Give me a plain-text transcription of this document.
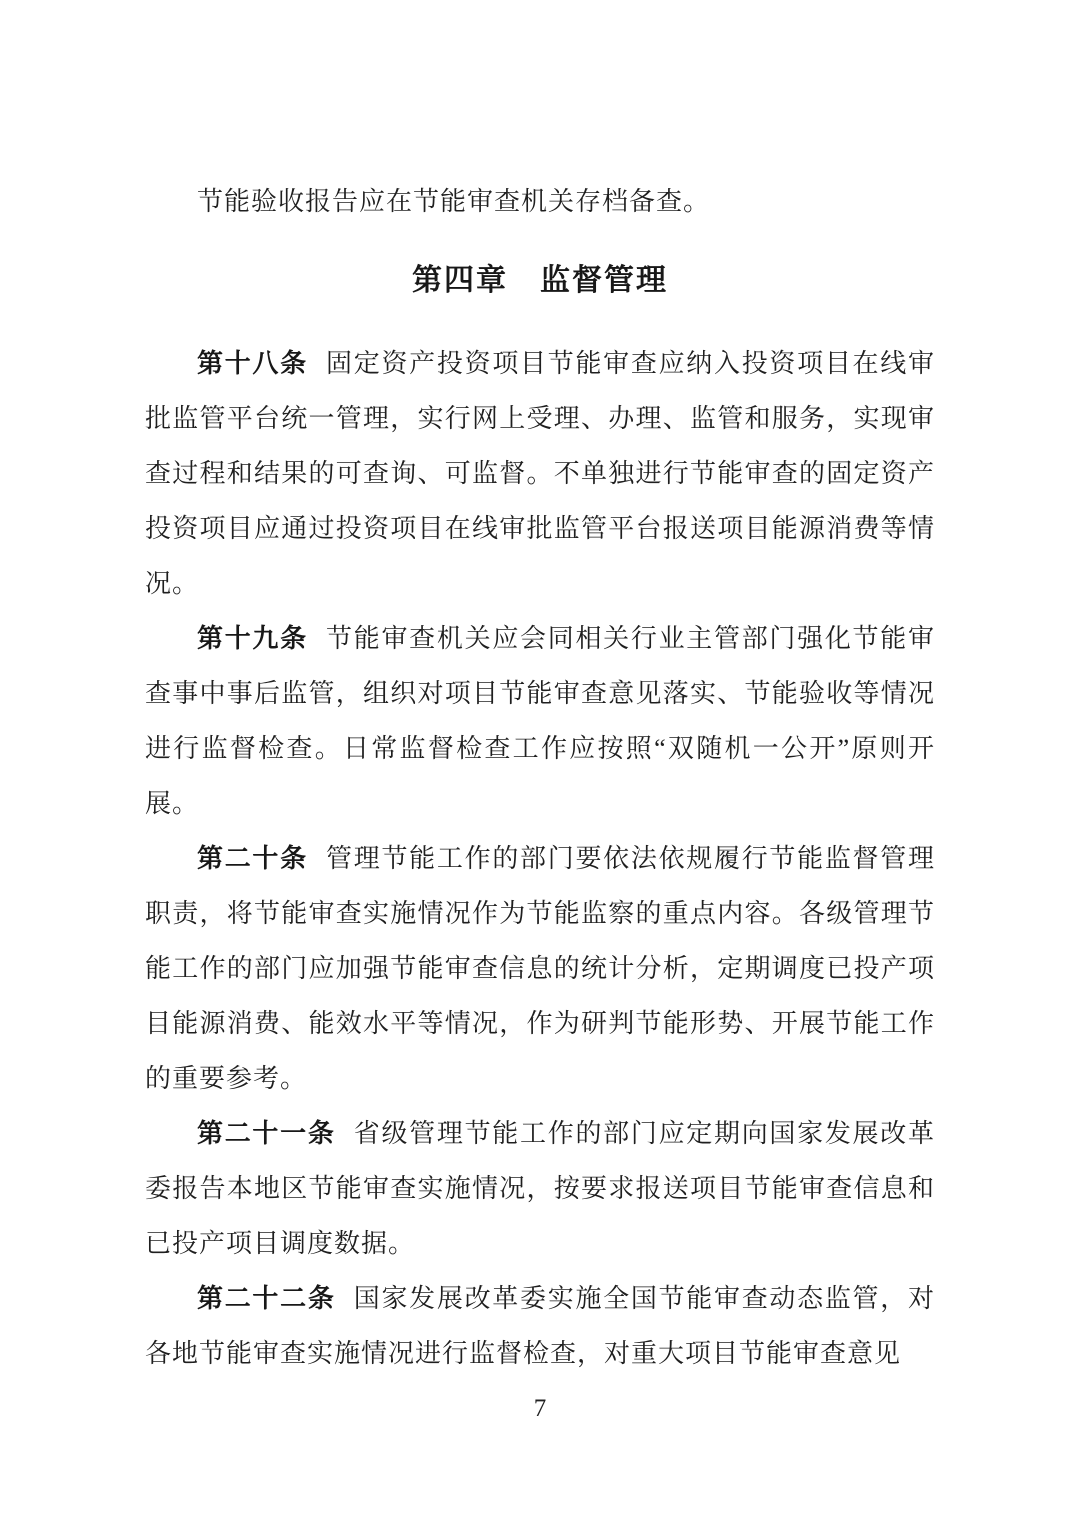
节能验收报告应在节能审查机关存档备查。

第四章　监督管理

第十八条 固定资产投资项目节能审查应纳入投资项目在线审批监管平台统一管理，实行网上受理、办理、监管和服务，实现审查过程和结果的可查询、可监督。不单独进行节能审查的固定资产投资项目应通过投资项目在线审批监管平台报送项目能源消费等情况。

第十九条 节能审查机关应会同相关行业主管部门强化节能审查事中事后监管，组织对项目节能审查意见落实、节能验收等情况进行监督检查。日常监督检查工作应按照“双随机一公开”原则开展。

第二十条 管理节能工作的部门要依法依规履行节能监督管理职责，将节能审查实施情况作为节能监察的重点内容。各级管理节能工作的部门应加强节能审查信息的统计分析，定期调度已投产项目能源消费、能效水平等情况，作为研判节能形势、开展节能工作的重要参考。

第二十一条 省级管理节能工作的部门应定期向国家发展改革委报告本地区节能审查实施情况，按要求报送项目节能审查信息和已投产项目调度数据。

第二十二条 国家发展改革委实施全国节能审查动态监管，对各地节能审查实施情况进行监督检查，对重大项目节能审查意见

7
